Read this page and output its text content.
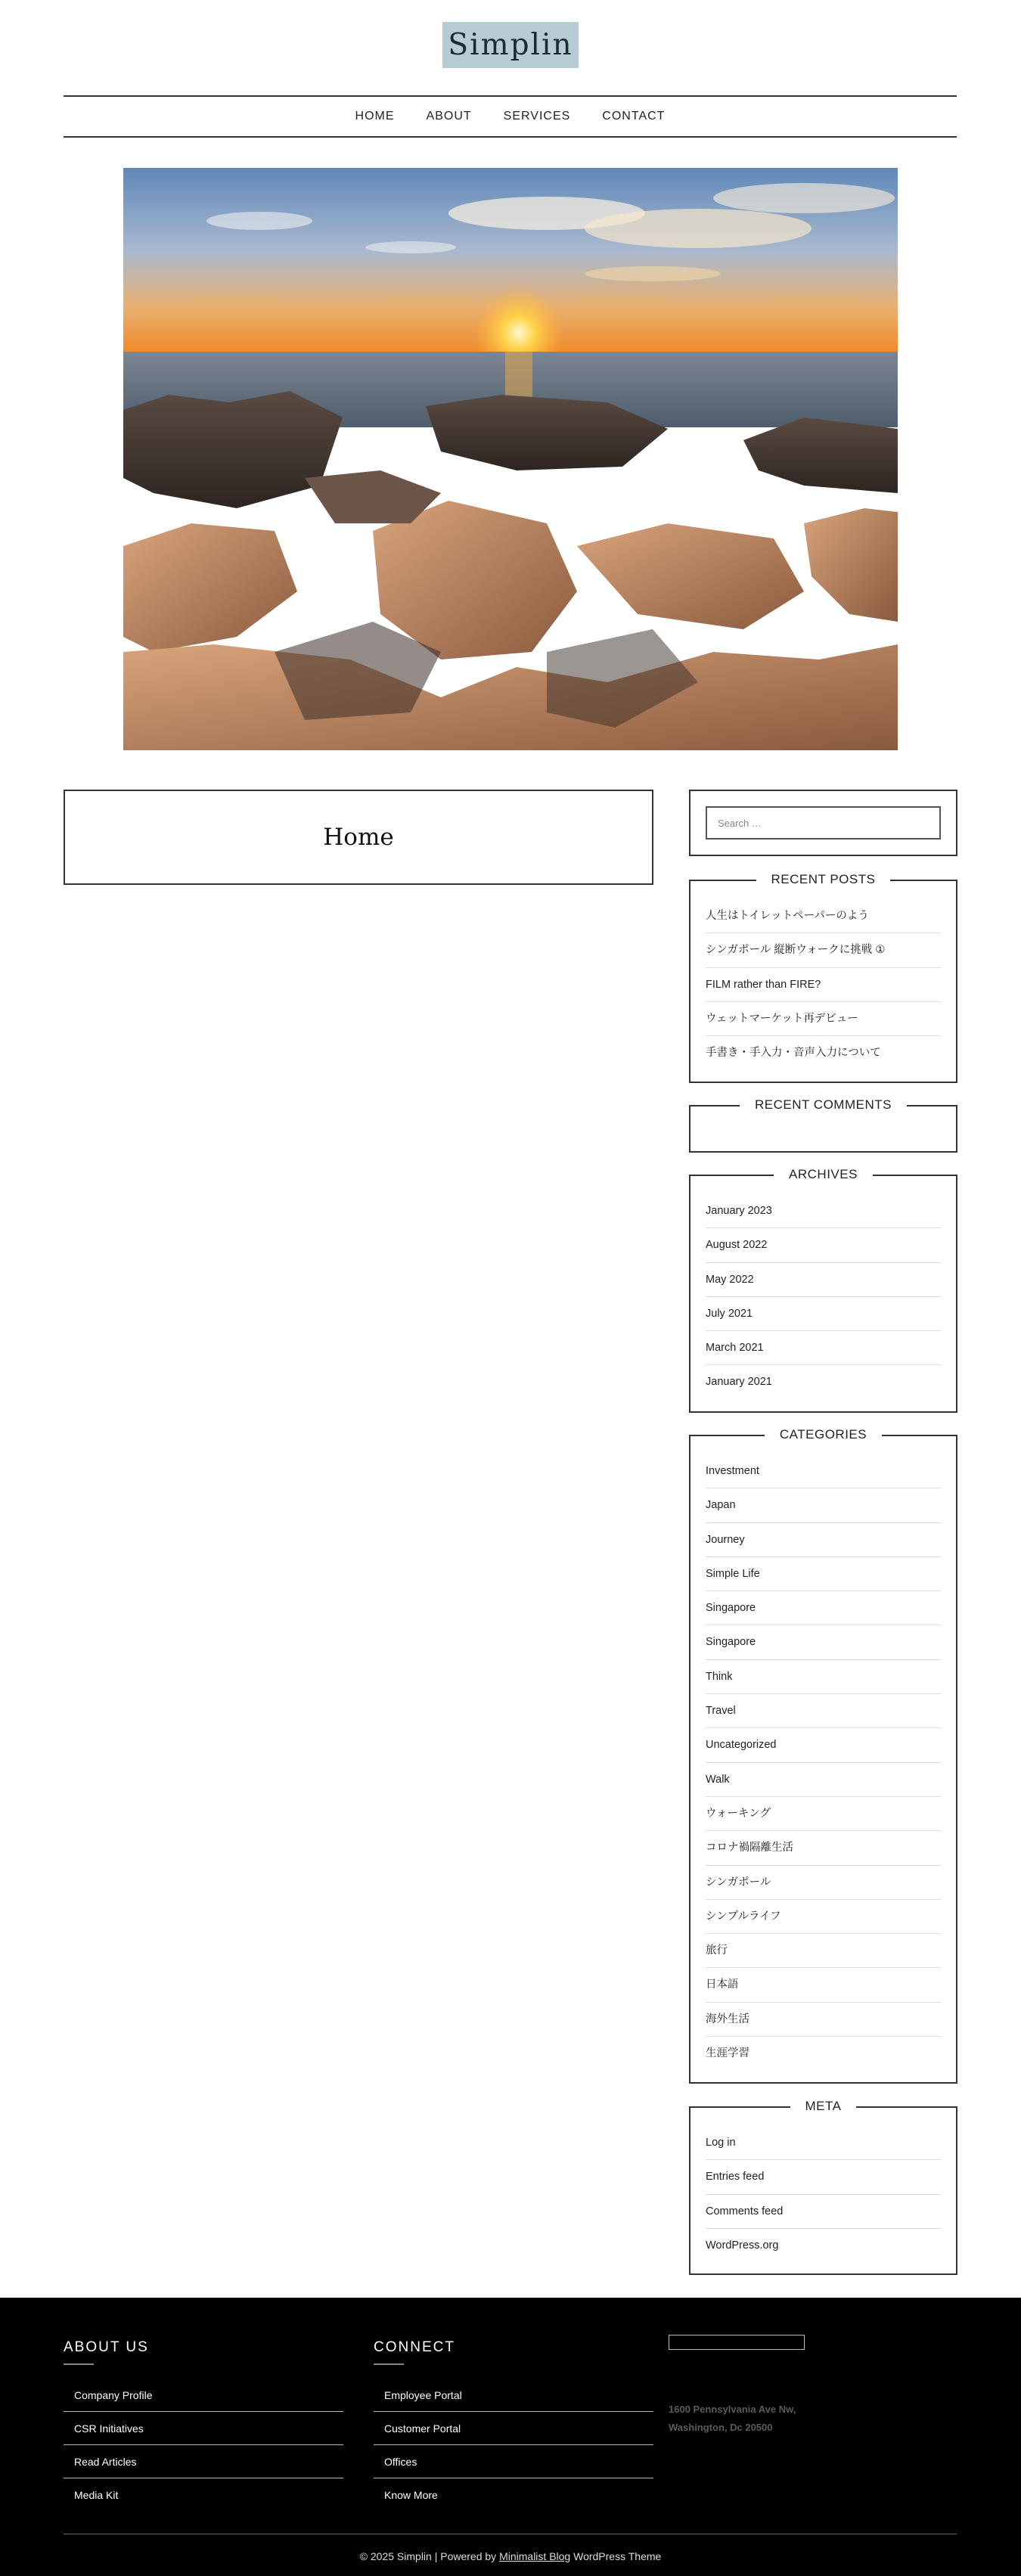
Simplin
HOME	ABOUT	SERVICES	CONTACT
Home
Search …
RECENT POSTS
人生はトイレットペーパーのよう
シンガポール 縦断ウォークに挑戦 ①
FILM rather than FIRE?
ウェットマーケット再デビュー
手書き・手入力・音声入力について
RECENT COMMENTS
ARCHIVES
January 2023
August 2022
May 2022
July 2021
March 2021
January 2021
CATEGORIES
Investment
Japan
Journey
Simple Life
Singapore
Singapore
Think
Travel
Uncategorized
Walk
ウォーキング
コロナ禍隔離生活
シンガポール
シンプルライフ
旅行
日本語
海外生活
生涯学習
META
Log in
Entries feed
Comments feed
WordPress.org
ABOUT US
Company Profile
CSR Initiatives
Read Articles
Media Kit
CONNECT
Employee Portal
Customer Portal
Offices
Know More
1600 Pennsylvania Ave Nw,
Washington, Dc 20500
© 2025 Simplin | Powered by Minimalist Blog WordPress Theme
